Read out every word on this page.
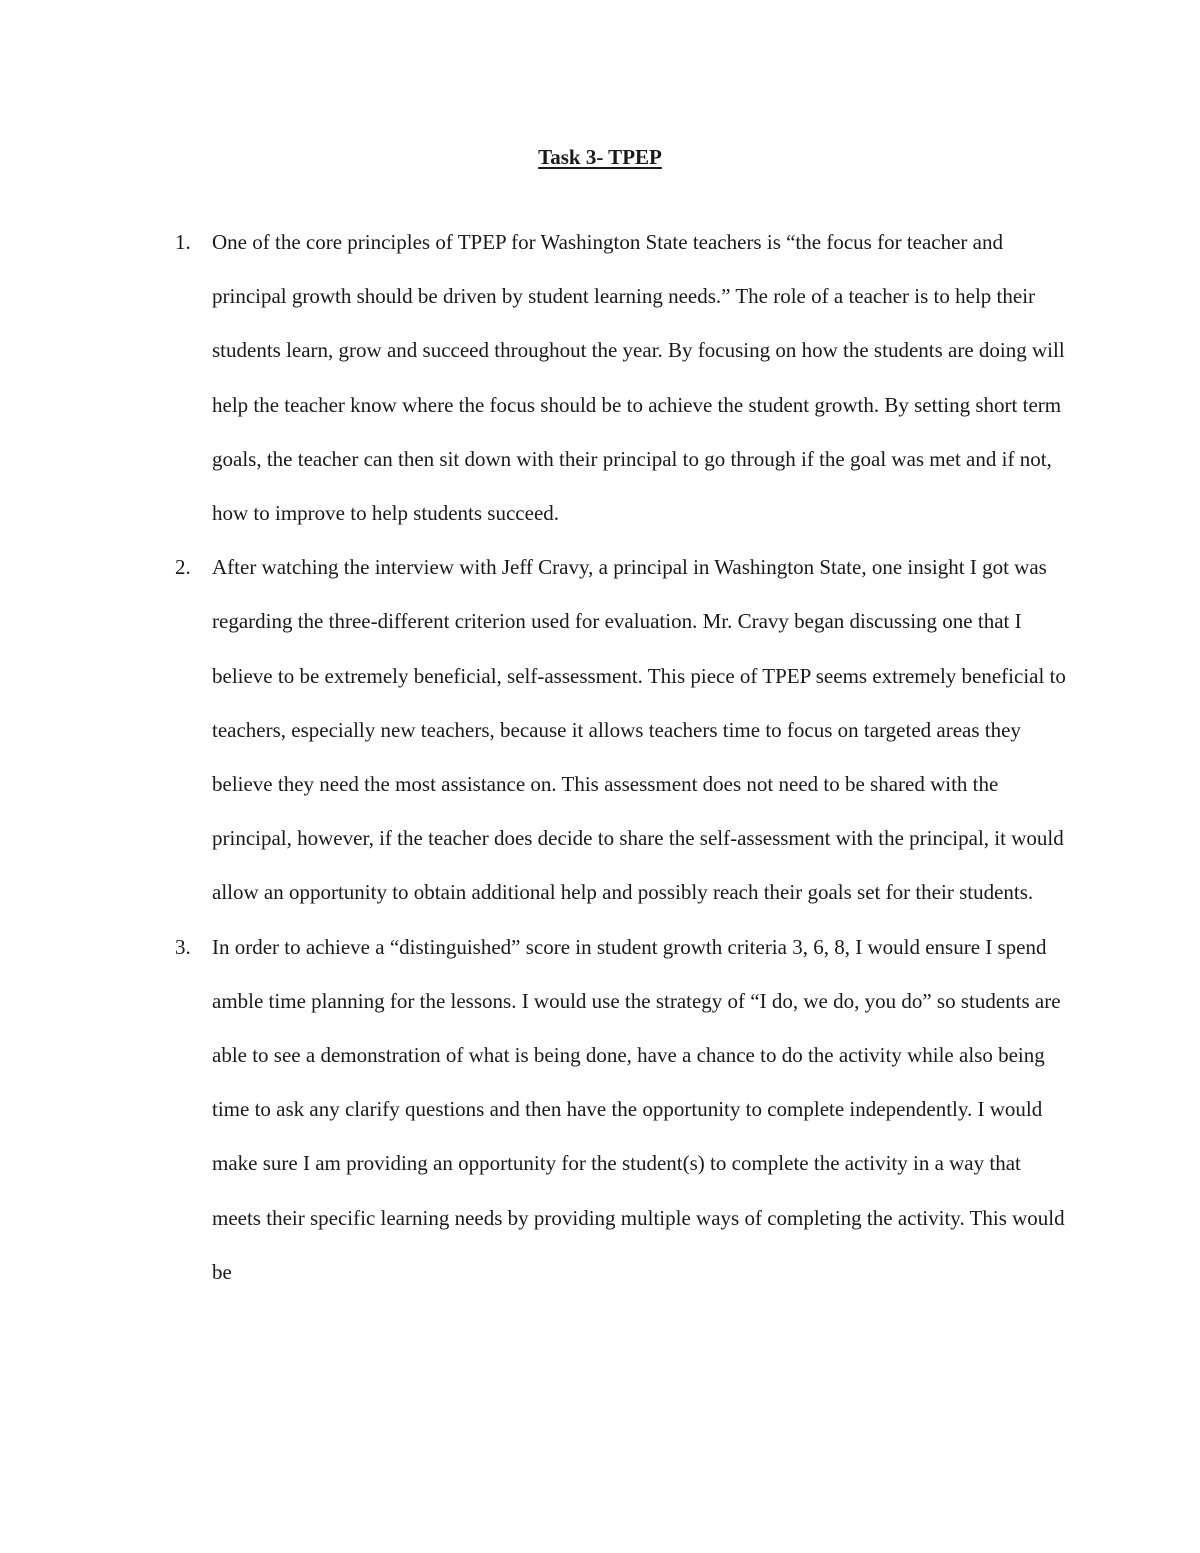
Task 3- TPEP
1. One of the core principles of TPEP for Washington State teachers is “the focus for teacher and principal growth should be driven by student learning needs.” The role of a teacher is to help their students learn, grow and succeed throughout the year. By focusing on how the students are doing will help the teacher know where the focus should be to achieve the student growth. By setting short term goals, the teacher can then sit down with their principal to go through if the goal was met and if not, how to improve to help students succeed.

2. After watching the interview with Jeff Cravy, a principal in Washington State, one insight I got was regarding the three-different criterion used for evaluation. Mr. Cravy began discussing one that I believe to be extremely beneficial, self-assessment. This piece of TPEP seems extremely beneficial to teachers, especially new teachers, because it allows teachers time to focus on targeted areas they believe they need the most assistance on. This assessment does not need to be shared with the principal, however, if the teacher does decide to share the self-assessment with the principal, it would allow an opportunity to obtain additional help and possibly reach their goals set for their students.

3. In order to achieve a “distinguished” score in student growth criteria 3, 6, 8, I would ensure I spend amble time planning for the lessons. I would use the strategy of “I do, we do, you do” so students are able to see a demonstration of what is being done, have a chance to do the activity while also being time to ask any clarify questions and then have the opportunity to complete independently. I would make sure I am providing an opportunity for the student(s) to complete the activity in a way that meets their specific learning needs by providing multiple ways of completing the activity. This would be
